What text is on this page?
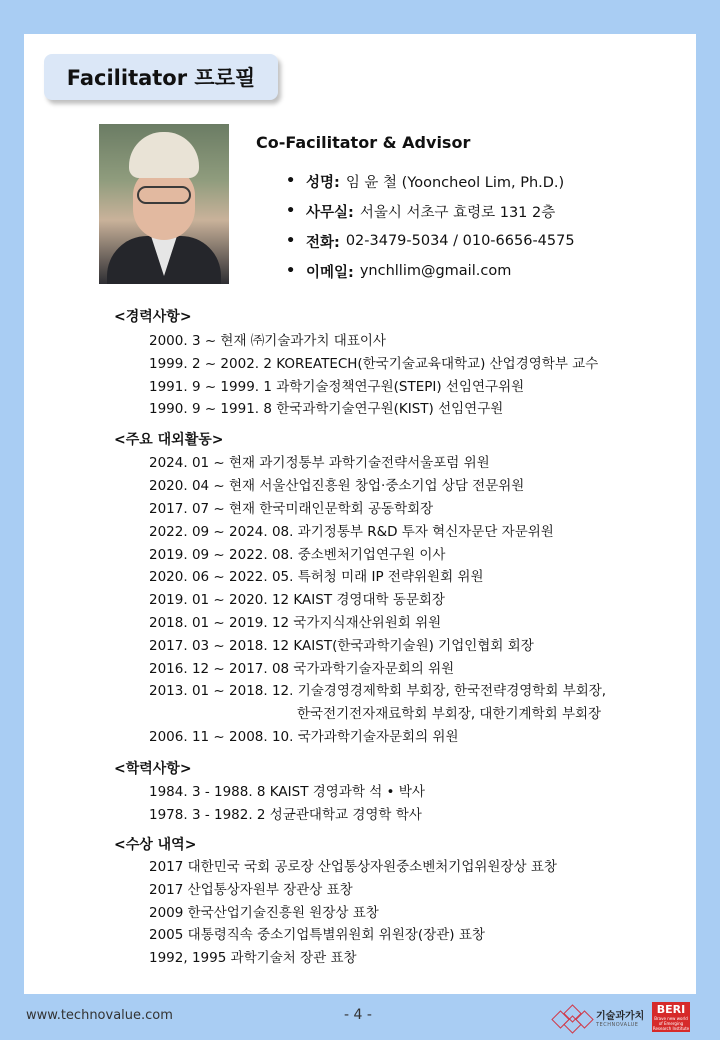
Facilitator 프로필
Co-Facilitator & Advisor
• 성명: 임 윤 철 (Yooncheol Lim, Ph.D.)
• 사무실: 서울시 서초구 효령로 131 2층
• 전화: 02-3479-5034 / 010-6656-4575
• 이메일: ynchllim@gmail.com
<경력사항>
2000. 3 ~ 현재 ㈜기술과가치 대표이사
1999. 2 ~ 2002. 2 KOREATECH(한국기술교육대학교) 산업경영학부 교수
1991. 9 ~ 1999. 1 과학기술정책연구원(STEPI) 선임연구위원
1990. 9 ~ 1991. 8 한국과학기술연구원(KIST) 선임연구원
<주요 대외활동>
2024. 01 ~ 현재 과기정통부 과학기술전략서울포럼 위원
2020. 04 ~ 현재 서울산업진흥원 창업·중소기업 상담 전문위원
2017. 07 ~ 현재 한국미래인문학회 공동학회장
2022. 09 ~ 2024. 08. 과기정통부 R&D 투자 혁신자문단 자문위원
2019. 09 ~ 2022. 08. 중소벤처기업연구원 이사
2020. 06 ~ 2022. 05. 특허청 미래 IP 전략위원회 위원
2019. 01 ~ 2020. 12 KAIST 경영대학 동문회장
2018. 01 ~ 2019. 12 국가지식재산위원회 위원
2017. 03 ~ 2018. 12 KAIST(한국과학기술원) 기업인협회 회장
2016. 12 ~ 2017. 08 국가과학기술자문회의 위원
2013. 01 ~ 2018. 12. 기술경영경제학회 부회장, 한국전략경영학회 부회장,
한국전기전자재료학회 부회장, 대한기계학회 부회장
2006. 11 ~ 2008. 10. 국가과학기술자문회의 위원
<학력사항>
1984. 3 - 1988. 8 KAIST 경영과학 석 • 박사
1978. 3 - 1982. 2 성균관대학교 경영학 학사
<수상 내역>
2017 대한민국 국회 공로장 산업통상자원중소벤처기업위원장상 표창
2017 산업통상자원부 장관상 표창
2009 한국산업기술진흥원 원장상 표창
2005 대통령직속 중소기업특별위원회 위원장(장관) 표창
1992, 1995 과학기술처 장관 표창
www.technovalue.com	- 4 -	기술과가치
TECHNOVALUE
BERI
Brave new world of Emerging Research Institute
